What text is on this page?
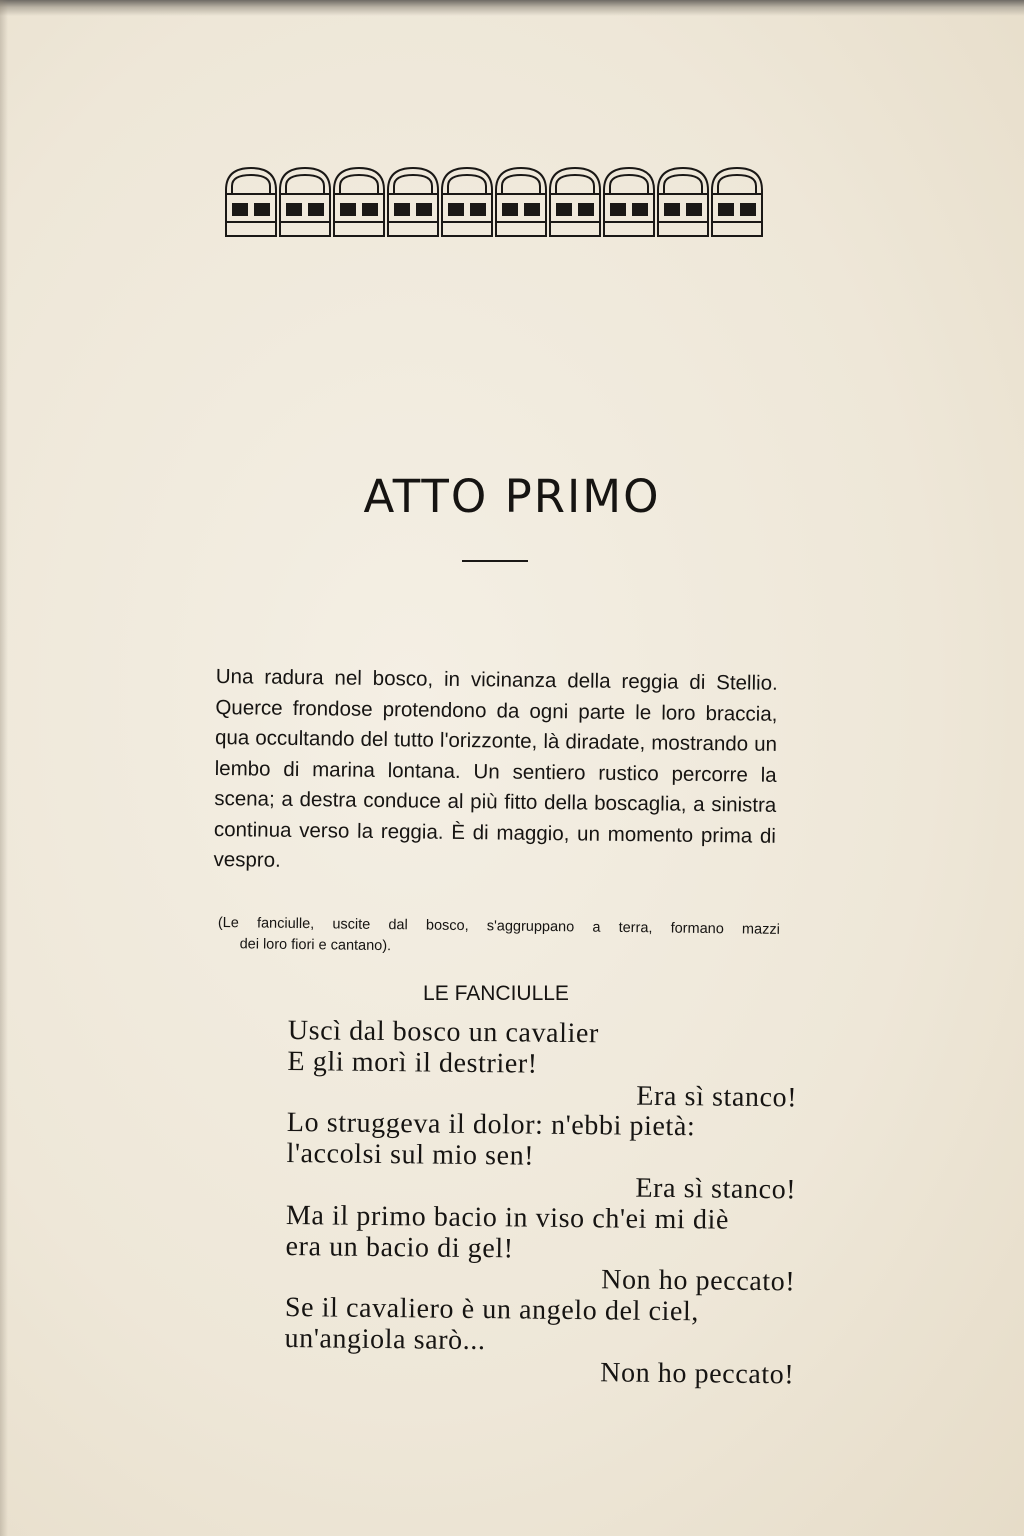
ATTO PRIMO

Una radura nel bosco, in vicinanza della reggia di Stellio. Querce frondose protendono da ogni parte le loro braccia, qua occultando del tutto l'orizzonte, là diradate, mostrando un lembo di marina lontana. Un sentiero rustico percorre la scena; a destra conduce al più fitto della boscaglia, a sinistra continua verso la reggia. È di maggio, un momento prima di vespro.

(Le fanciulle, uscite dal bosco, s'aggruppano a terra, formano mazzi
dei loro fiori e cantano).

LE FANCIULLE
Uscì dal bosco un cavalier
E gli morì il destrier!
Era sì stanco!
Lo struggeva il dolor: n'ebbi pietà:
l'accolsi sul mio sen!
Era sì stanco!
Ma il primo bacio in viso ch'ei mi diè
era un bacio di gel!
Non ho peccato!
Se il cavaliero è un angelo del ciel,
un'angiola sarò...
Non ho peccato!
